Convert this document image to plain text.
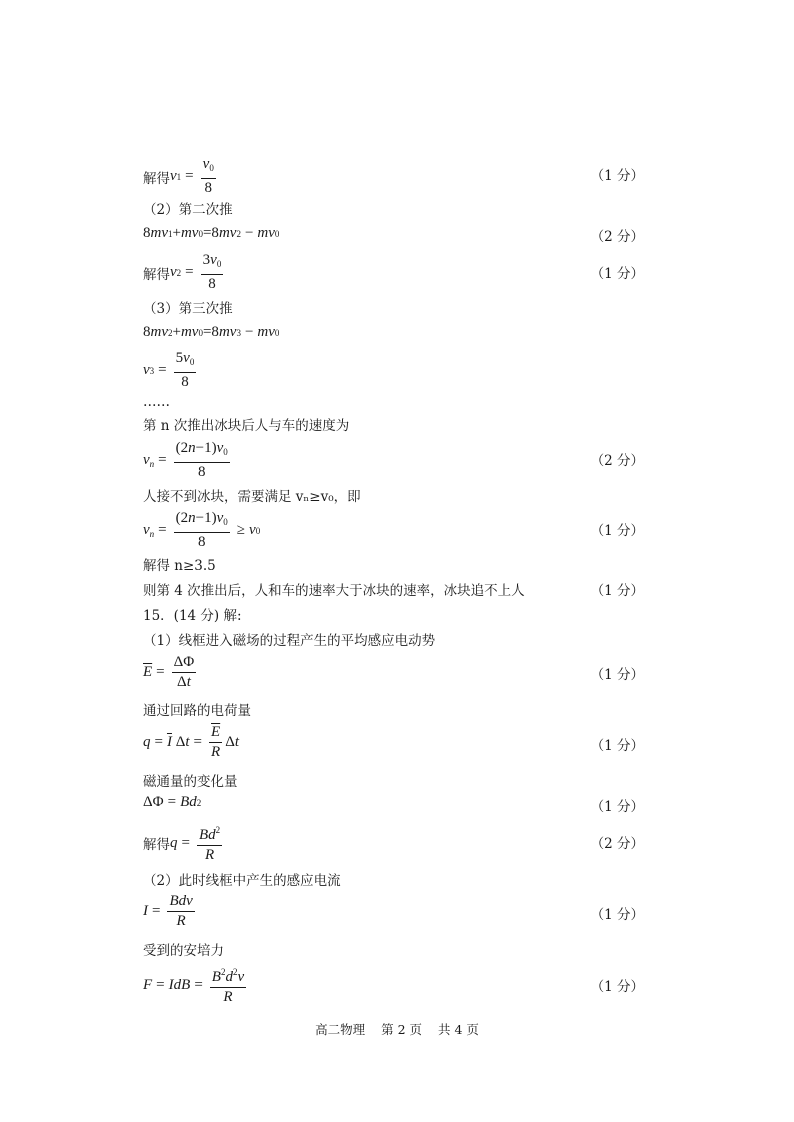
解得 v $1 = \frac{v_0}{8}$	（1 分）
（2）第二次推
8 mv 1 + mv 0 =8 mv 2 − mv 0	（2 分）
解得 v $2 = \frac{3v_0}{8}$	（1 分）
（3）第三次推
8 mv 2 + mv 0 =8 mv 3 − mv 0
v $3 = \frac{5v_0}{8}$
……
第 n 次推出冰块后人与车的速度为
$v_n = \frac{(2n-1)v_0}{8}$	（2 分）
人接不到冰块，需要满足 vₙ≥v₀，即
$v_n = \frac{(2n-1)v_0}{8} \ge v$ 0	（1 分）
解得 n≥3.5
则第 4 次推出后，人和车的速率大于冰块的速率，冰块追不上人	（1 分）
15．(14 分) 解:
（1）线框进入磁场的过程产生的平均感应电动势
$\overline{E} = \frac{\Delta\Phi}{\Delta t}$	（1 分）
通过回路的电荷量
$q = \overline{I}$ Δ $t = \frac{\overline{E}}{R}$ Δ t	（1 分）
磁通量的变化量
ΔΦ = Bd 2	（1 分）
解得 $q = \frac{Bd^2}{R}$	（2 分）
（2）此时线框中产生的感应电流
$I = \frac{\text{Bdv}}{R}$	（1 分）
受到的安培力
F = IdB = $\frac{B^2d^2v}{R}$	（1 分）
高二物理 第 2 页 共 4 页
